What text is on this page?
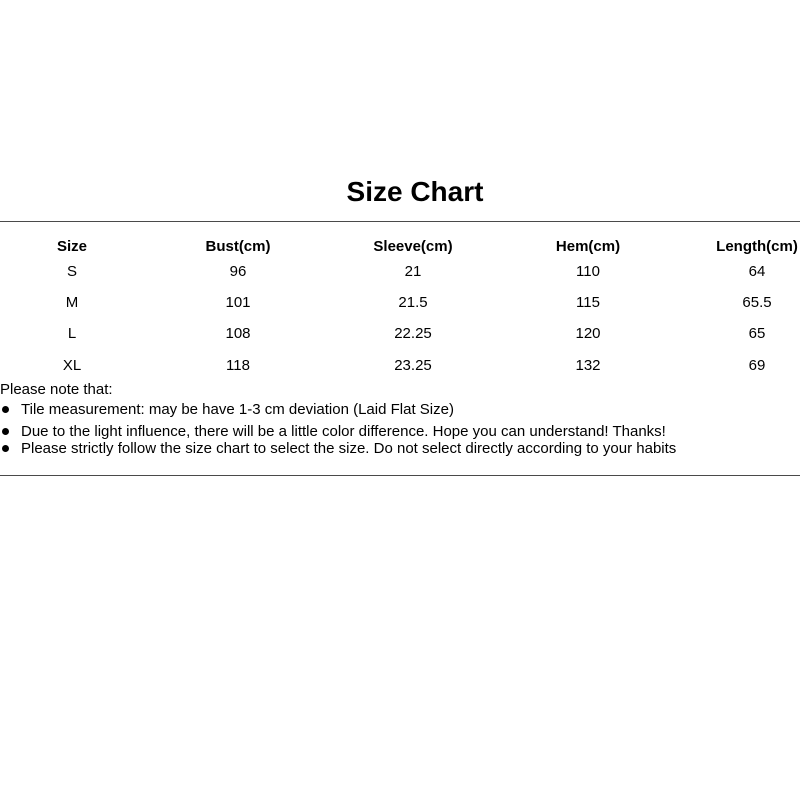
Size Chart
Size	Bust(cm)	Sleeve(cm)	Hem(cm)	Length(cm)
S	96	21	110	64
M	101	21.5	115	65.5
L	108	22.25	120	65
XL	118	23.25	132	69
Please note that:
Tile measurement: may be have 1-3 cm deviation (Laid Flat Size)
Due to the light influence, there will be a little color difference. Hope you can understand! Thanks!
Please strictly follow the size chart to select the size. Do not select directly according to your habits
